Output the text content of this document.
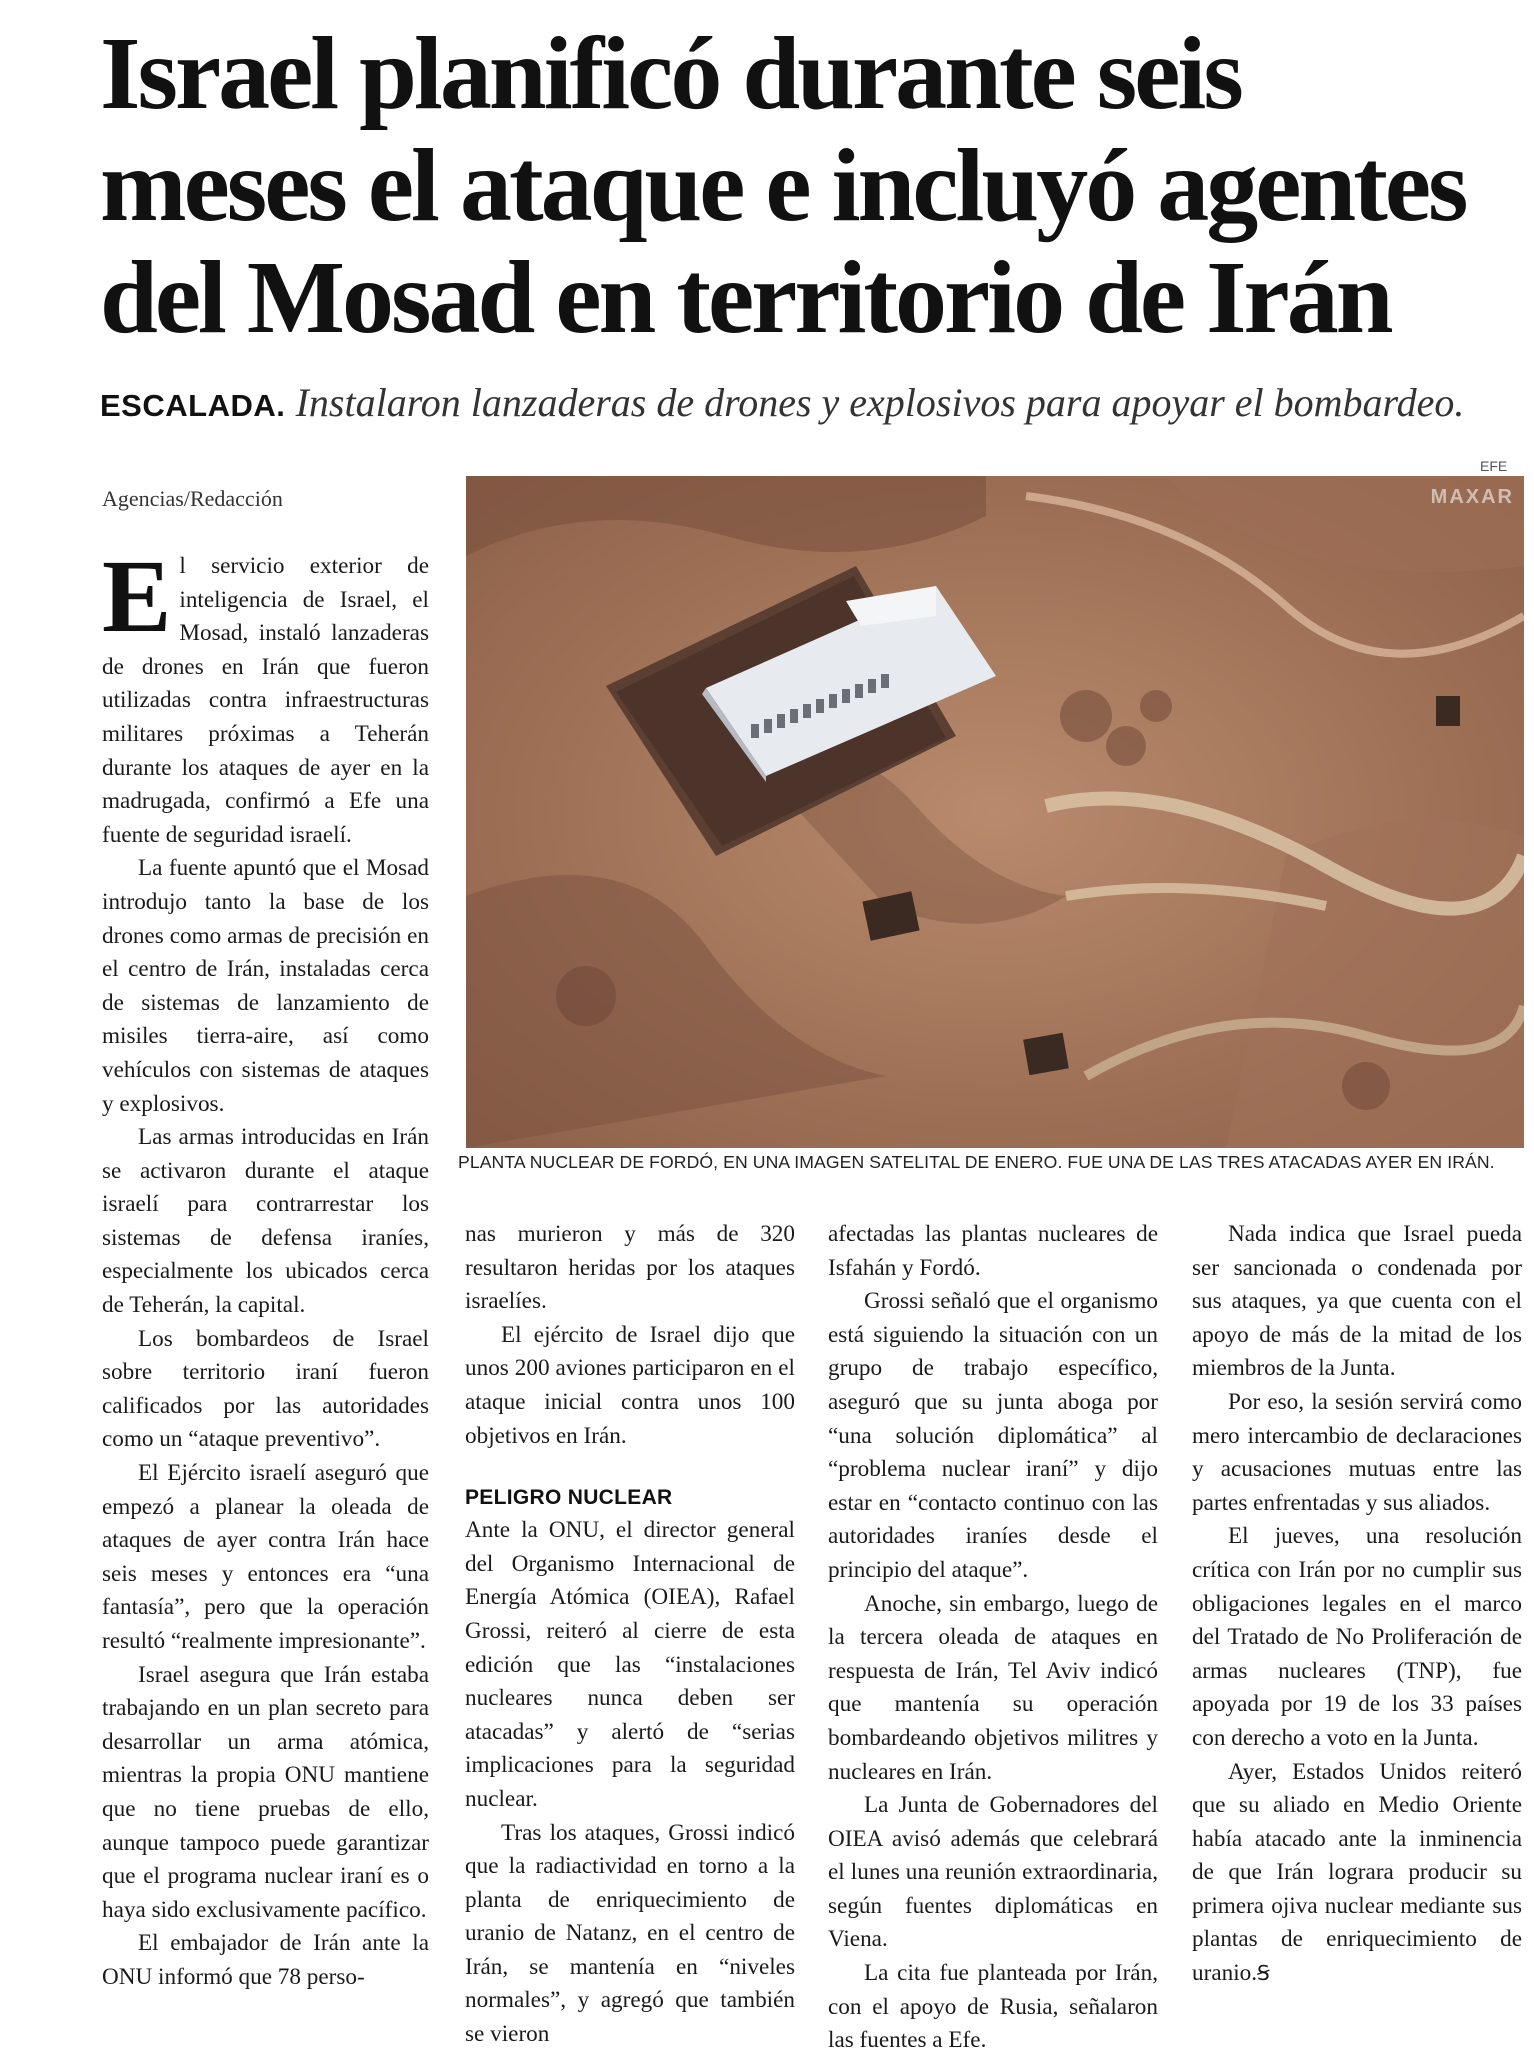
Israel planificó durante seis
meses el ataque e incluyó agentes
del Mosad en territorio de Irán
ESCALADA. Instalaron lanzaderas de drones y explosivos para apoyar el bombardeo.
Agencias/Redacción
EFE
MAXAR
PLANTA NUCLEAR DE FORDÓ, EN UNA IMAGEN SATELITAL DE ENERO. FUE UNA DE LAS TRES ATACADAS AYER EN IRÁN.
E l servicio exterior de inteligencia de Israel, el Mosad, instaló lanzaderas de drones en Irán que fueron utilizadas contra infraestructuras militares próximas a Teherán durante los ataques de ayer en la madrugada, confirmó a Efe una fuente de seguridad israelí.

La fuente apuntó que el Mosad introdujo tanto la base de los drones como armas de precisión en el centro de Irán, instaladas cerca de sistemas de lanzamiento de misiles tierra-aire, así como vehículos con sistemas de ataques y explosivos.

Las armas introducidas en Irán se activaron durante el ataque israelí para contrarrestar los sistemas de defensa iraníes, especialmente los ubicados cerca de Teherán, la capital.

Los bombardeos de Israel sobre territorio iraní fueron calificados por las autoridades como un “ataque preventivo”.

El Ejército israelí aseguró que empezó a planear la oleada de ataques de ayer contra Irán hace seis meses y entonces era “una fantasía”, pero que la operación resultó “realmente impresionante”.

Israel asegura que Irán estaba trabajando en un plan secreto para desarrollar un arma atómica, mientras la propia ONU mantiene que no tiene pruebas de ello, aunque tampoco puede garantizar que el programa nuclear iraní es o haya sido exclusivamente pacífico.

El embajador de Irán ante la ONU informó que 78 perso-

nas murieron y más de 320 resultaron heridas por los ataques israelíes.

El ejército de Israel dijo que unos 200 aviones participaron en el ataque inicial contra unos 100 objetivos en Irán.

PELIGRO NUCLEAR

Ante la ONU, el director general del Organismo Internacional de Energía Atómica (OIEA), Rafael Grossi, reiteró al cierre de esta edición que las “instalaciones nucleares nunca deben ser atacadas” y alertó de “serias implicaciones para la seguridad nuclear.

Tras los ataques, Grossi indicó que la radiactividad en torno a la planta de enriquecimiento de uranio de Natanz, en el centro de Irán, se mantenía en “niveles normales”, y agregó que también se vieron

afectadas las plantas nucleares de Isfahán y Fordó.

Grossi señaló que el organismo está siguiendo la situación con un grupo de trabajo específico, aseguró que su junta aboga por “una solución diplomática” al “problema nuclear iraní” y dijo estar en “contacto continuo con las autoridades iraníes desde el principio del ataque”.

Anoche, sin embargo, luego de la tercera oleada de ataques en respuesta de Irán, Tel Aviv indicó que mantenía su operación bombardeando objetivos militres y nucleares en Irán.

La Junta de Gobernadores del OIEA avisó además que celebrará el lunes una reunión extraordinaria, según fuentes diplomáticas en Viena.

La cita fue planteada por Irán, con el apoyo de Rusia, señalaron las fuentes a Efe.

Nada indica que Israel pueda ser sancionada o condenada por sus ataques, ya que cuenta con el apoyo de más de la mitad de los miembros de la Junta.

Por eso, la sesión servirá como mero intercambio de declaraciones y acusaciones mutuas entre las partes enfrentadas y sus aliados.

El jueves, una resolución crítica con Irán por no cumplir sus obligaciones legales en el marco del Tratado de No Proliferación de armas nucleares (TNP), fue apoyada por 19 de los 33 países con derecho a voto en la Junta.

Ayer, Estados Unidos reiteró que su aliado en Medio Oriente había atacado ante la inminencia de que Irán lograra producir su primera ojiva nuclear mediante sus plantas de enriquecimiento de uranio.Ꞩ
